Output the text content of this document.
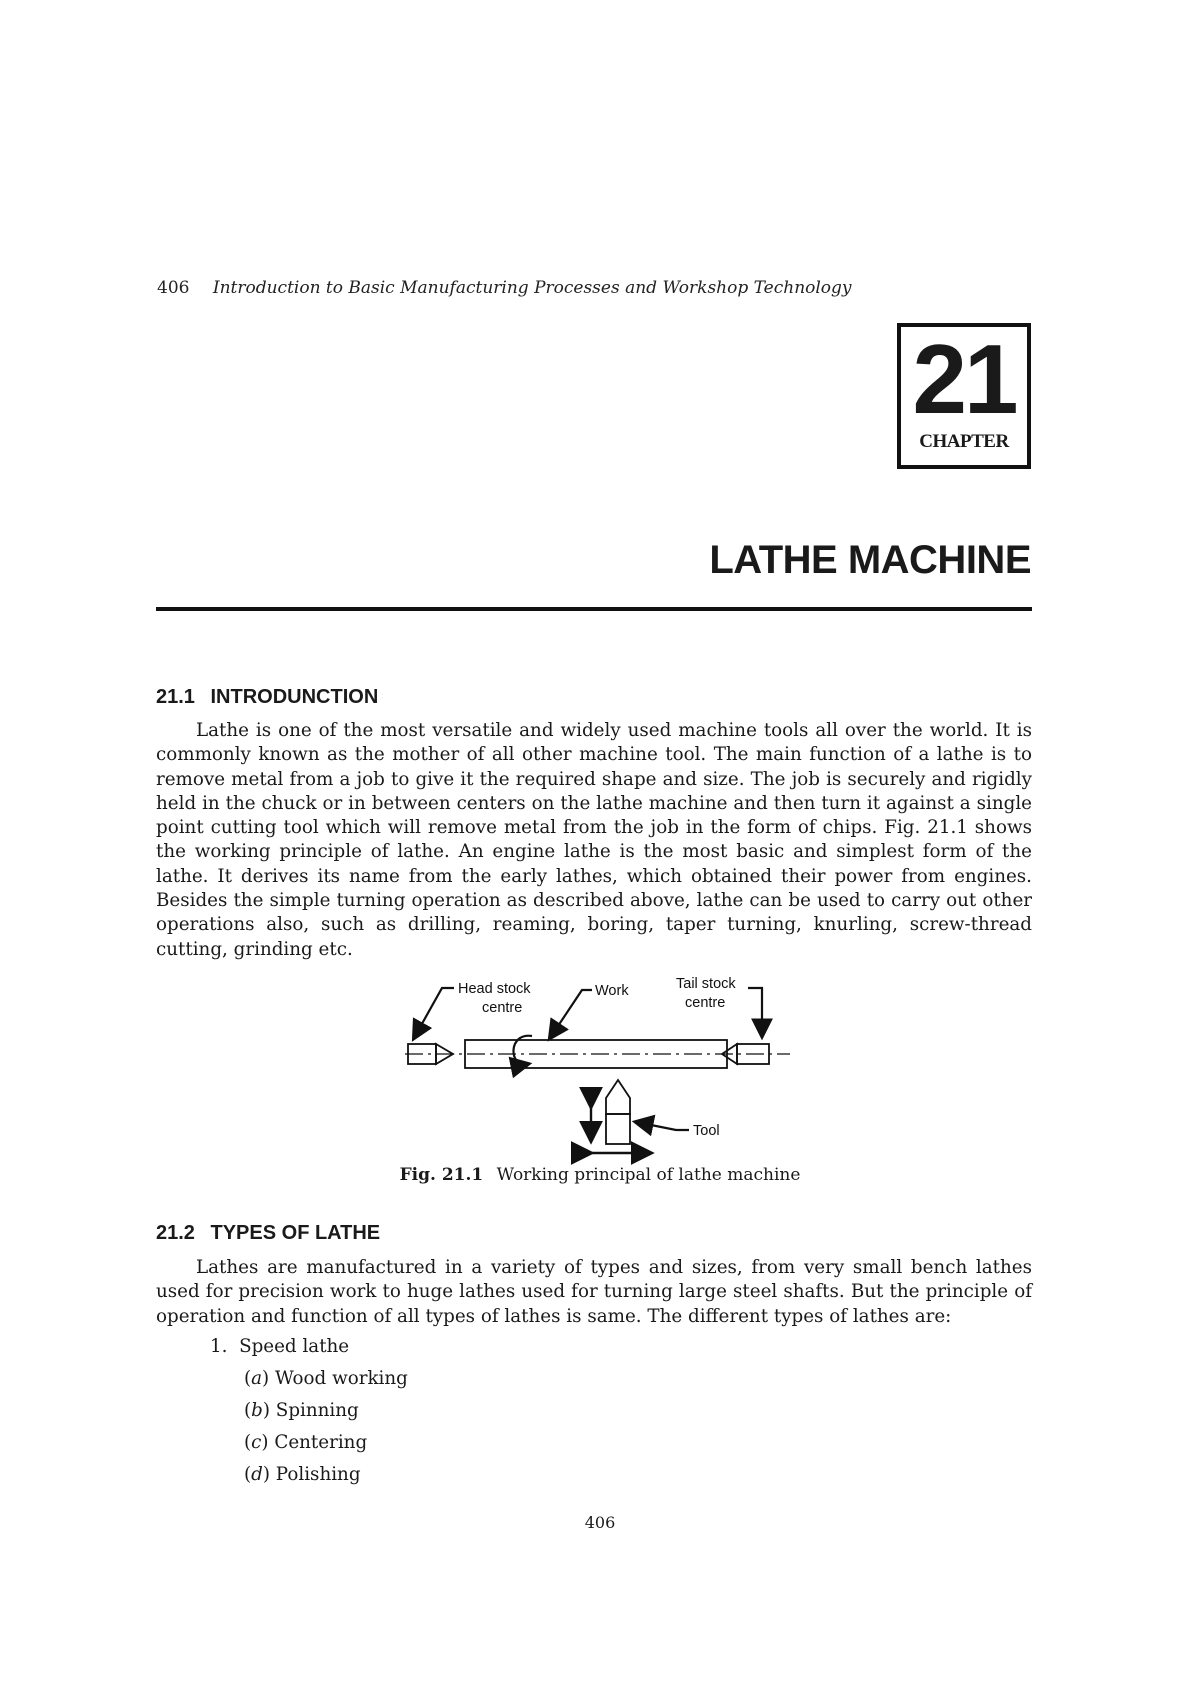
406 Introduction to Basic Manufacturing Processes and Workshop Technology
21
CHAPTER
LATHE MACHINE
21.1 INTRODUNCTION
Lathe is one of the most versatile and widely used machine tools all over the world. It is commonly known as the mother of all other machine tool. The main function of a lathe is to remove metal from a job to give it the required shape and size. The job is securely and rigidly held in the chuck or in between centers on the lathe machine and then turn it against a single point cutting tool which will remove metal from the job in the form of chips. Fig. 21.1 shows the working principle of lathe. An engine lathe is the most basic and simplest form of the lathe. It derives its name from the early lathes, which obtained their power from engines. Besides the simple turning operation as described above, lathe can be used to carry out other operations also, such as drilling, reaming, boring, taper turning, knurling, screw-thread cutting, grinding etc.
Head stock
centre
Work	Tail stock
centre
Tool
Fig. 21.1 Working principal of lathe machine
21.2 TYPES OF LATHE
Lathes are manufactured in a variety of types and sizes, from very small bench lathes used for precision work to huge lathes used for turning large steel shafts. But the principle of operation and function of all types of lathes is same. The different types of lathes are:
1.  Speed lathe
(a) Wood working
(b) Spinning
(c) Centering
(d) Polishing
406
